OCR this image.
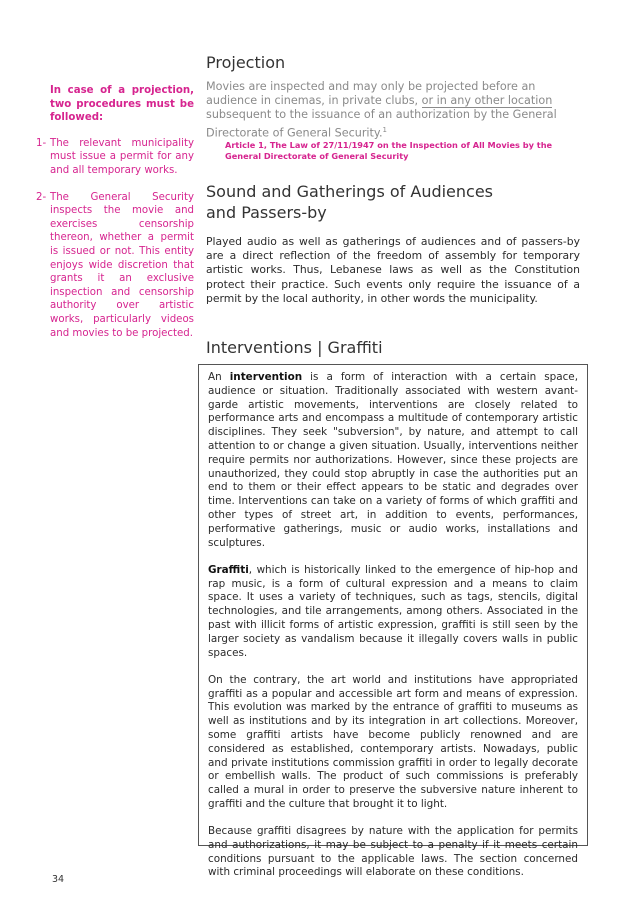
In case of a projection, two procedures must be followed:
1- The relevant municipality must issue a permit for any and all temporary works.
2- The General Security inspects the movie and exercises censorship thereon, whether a permit is issued or not. This entity enjoys wide discretion that grants it an exclusive inspection and censorship authority over artistic works, particularly videos and movies to be projected.
Projection
Movies are inspected and may only be projected before an audience in cinemas, in private clubs, or in any other location subsequent to the issuance of an authorization by the General Directorate of General Security.$^1$
Article 1, The Law of 27/11/1947 on the Inspection of All Movies by the General Directorate of General Security
Sound and Gatherings of Audiences
and Passers-by
Played audio as well as gatherings of audiences and of passers-by are a direct reflection of the freedom of assembly for temporary artistic works. Thus, Lebanese laws as well as the Constitution protect their practice. Such events only require the issuance of a permit by the local authority, in other words the municipality.
Interventions | Graffiti

An intervention is a form of interaction with a certain space, audience or situation. Traditionally associated with western avant-garde artistic movements, interventions are closely related to performance arts and encompass a multitude of contemporary artistic disciplines. They seek "subversion", by nature, and attempt to call attention to or change a given situation. Usually, interventions neither require permits nor authorizations. However, since these projects are unauthorized, they could stop abruptly in case the authorities put an end to them or their effect appears to be static and degrades over time. Interventions can take on a variety of forms of which graffiti and other types of street art, in addition to events, performances, performative gatherings, music or audio works, installations and sculptures.

Graffiti, which is historically linked to the emergence of hip-hop and rap music, is a form of cultural expression and a means to claim space. It uses a variety of techniques, such as tags, stencils, digital technologies, and tile arrangements, among others. Associated in the past with illicit forms of artistic expression, graffiti is still seen by the larger society as vandalism because it illegally covers walls in public spaces.

On the contrary, the art world and institutions have appropriated graffiti as a popular and accessible art form and means of expression. This evolution was marked by the entrance of graffiti to museums as well as institutions and by its integration in art collections. Moreover, some graffiti artists have become publicly renowned and are considered as established, contemporary artists. Nowadays, public and private institutions commission graffiti in order to legally decorate or embellish walls. The product of such commissions is preferably called a mural in order to preserve the subversive nature inherent to graffiti and the culture that brought it to light.

Because graffiti disagrees by nature with the application for permits and authorizations, it may be subject to a penalty if it meets certain conditions pursuant to the applicable laws. The section concerned with criminal proceedings will elaborate on these conditions.

34
